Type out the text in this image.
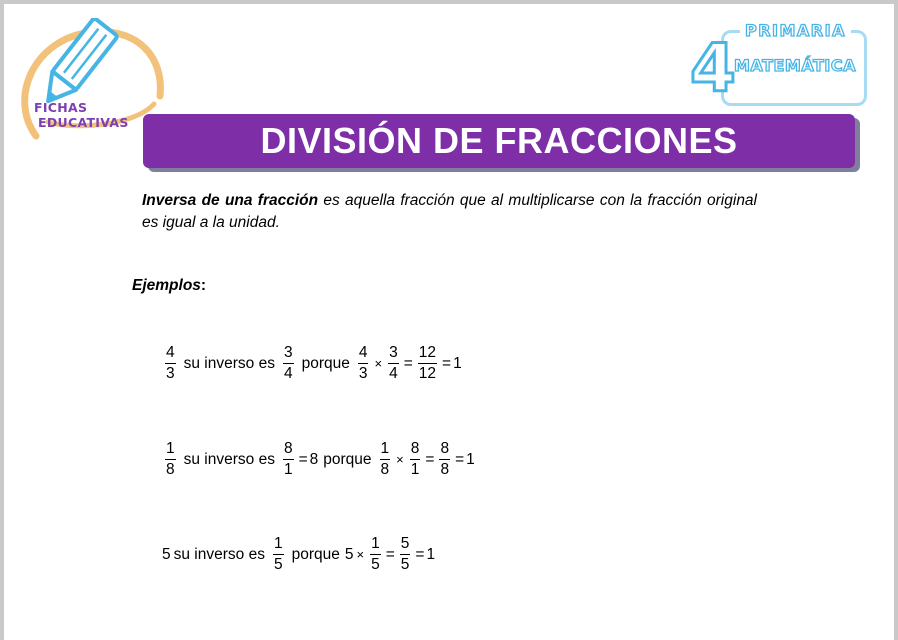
FICHAS
EDUCATIVAS
PRIMARIA
4
MATEMÁTICA
DIVISIÓN DE FRACCIONES

Inversa de una fracción es aquella fracción que al multiplicarse con la fracción original es igual a la unidad.

Ejemplos:
$\frac{4}{3}$ su inverso es $\frac{3}{4}$ porque $\frac{4}{3} \times \frac{3}{4} = \frac{12}{12} = 1$
$\frac{1}{8}$ su inverso es $\frac{8}{1} = 8$ porque $\frac{1}{8} \times \frac{8}{1} = \frac{8}{8} = 1$
5 su inverso es $\frac{1}{5}$ porque $5 \times \frac{1}{5} = \frac{5}{5} = 1$
